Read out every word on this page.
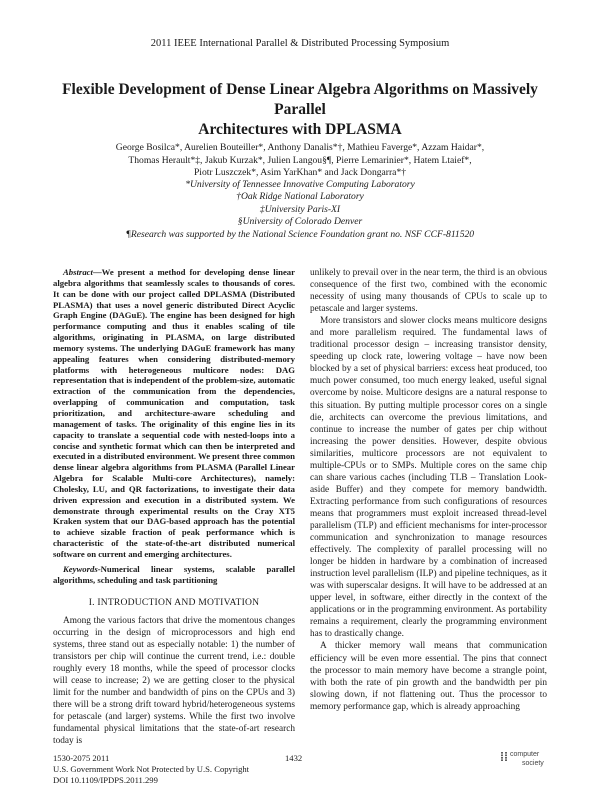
2011 IEEE International Parallel & Distributed Processing Symposium
Flexible Development of Dense Linear Algebra Algorithms on Massively Parallel
Architectures with DPLASMA
George Bosilca*, Aurelien Bouteiller*, Anthony Danalis*†, Mathieu Faverge*, Azzam Haidar*,
Thomas Herault*‡, Jakub Kurzak*, Julien Langou§¶, Pierre Lemarinier*, Hatem Ltaief*,
Piotr Luszczek*, Asim YarKhan* and Jack Dongarra*†
*University of Tennessee Innovative Computing Laboratory
†Oak Ridge National Laboratory
‡University Paris-XI
§University of Colorado Denver
¶Research was supported by the National Science Foundation grant no. NSF CCF-811520

Abstract—We present a method for developing dense linear algebra algorithms that seamlessly scales to thousands of cores. It can be done with our project called DPLASMA (Distributed PLASMA) that uses a novel generic distributed Direct Acyclic Graph Engine (DAGuE). The engine has been designed for high performance computing and thus it enables scaling of tile algorithms, originating in PLASMA, on large distributed memory systems. The underlying DAGuE framework has many appealing features when considering distributed-memory platforms with heterogeneous multicore nodes: DAG representation that is independent of the problem-size, automatic extraction of the communication from the dependencies, overlapping of communication and computation, task prioritization, and architecture-aware scheduling and management of tasks. The originality of this engine lies in its capacity to translate a sequential code with nested-loops into a concise and synthetic format which can then be interpreted and executed in a distributed environment. We present three common dense linear algebra algorithms from PLASMA (Parallel Linear Algebra for Scalable Multi-core Architectures), namely: Cholesky, LU, and QR factorizations, to investigate their data driven expression and execution in a distributed system. We demonstrate through experimental results on the Cray XT5 Kraken system that our DAG-based approach has the potential to achieve sizable fraction of peak performance which is characteristic of the state-of-the-art distributed numerical software on current and emerging architectures.

Keywords-Numerical linear systems, scalable parallel algorithms, scheduling and task partitioning

I. INTRODUCTION AND MOTIVATION

Among the various factors that drive the momentous changes occurring in the design of microprocessors and high end systems, three stand out as especially notable: 1) the number of transistors per chip will continue the current trend, i.e.: double roughly every 18 months, while the speed of processor clocks will cease to increase; 2) we are getting closer to the physical limit for the number and bandwidth of pins on the CPUs and 3) there will be a strong drift toward hybrid/heterogeneous systems for petascale (and larger) systems. While the first two involve fundamental physical limitations that the state-of-art research today is

unlikely to prevail over in the near term, the third is an obvious consequence of the first two, combined with the economic necessity of using many thousands of CPUs to scale up to petascale and larger systems.

More transistors and slower clocks means multicore designs and more parallelism required. The fundamental laws of traditional processor design – increasing transistor density, speeding up clock rate, lowering voltage – have now been blocked by a set of physical barriers: excess heat produced, too much power consumed, too much energy leaked, useful signal overcome by noise. Multicore designs are a natural response to this situation. By putting multiple processor cores on a single die, architects can overcome the previous limitations, and continue to increase the number of gates per chip without increasing the power densities. However, despite obvious similarities, multicore processors are not equivalent to multiple-CPUs or to SMPs. Multiple cores on the same chip can share various caches (including TLB – Translation Look-aside Buffer) and they compete for memory bandwidth. Extracting performance from such configurations of resources means that programmers must exploit increased thread-level parallelism (TLP) and efficient mechanisms for inter-processor communication and synchronization to manage resources effectively. The complexity of parallel processing will no longer be hidden in hardware by a combination of increased instruction level parallelism (ILP) and pipeline techniques, as it was with superscalar designs. It will have to be addressed at an upper level, in software, either directly in the context of the applications or in the programming environment. As portability remains a requirement, clearly the programming environment has to drastically change.

A thicker memory wall means that communication efficiency will be even more essential. The pins that connect the processor to main memory have become a strangle point, with both the rate of pin growth and the bandwidth per pin slowing down, if not flattening out. Thus the processor to memory performance gap, which is already approaching

1530-2075 2011
U.S. Government Work Not Protected by U.S. Copyright
DOI 10.1109/IPDPS.2011.299
1432	⁞⁞ computer
society
